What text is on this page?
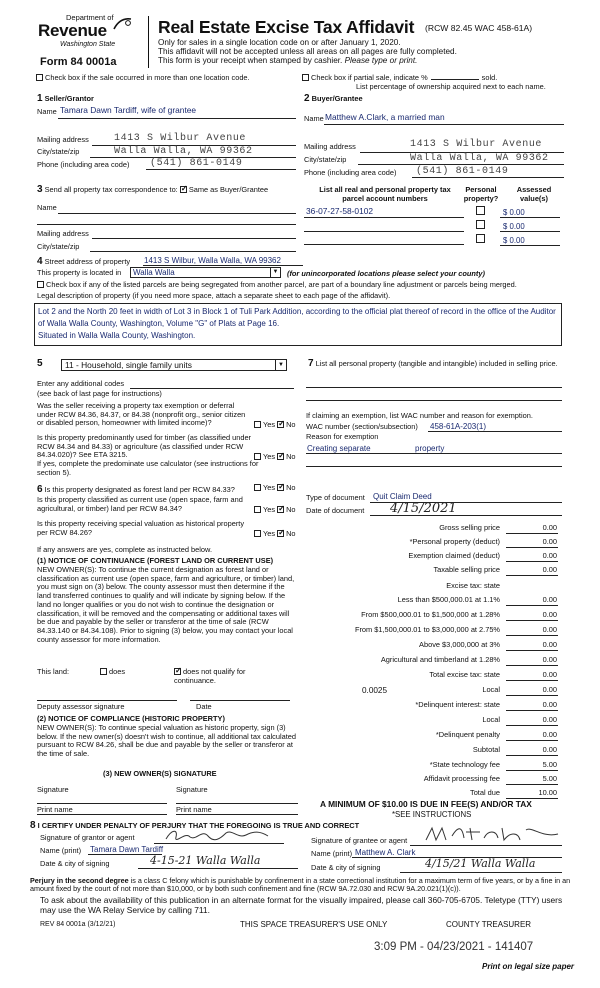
Department of
Revenue
Washington State
Form 84 0001a
Real Estate Excise Tax Affidavit (RCW 82.45 WAC 458-61A)
Only for sales in a single location code on or after January 1, 2020.
This affidavit will not be accepted unless all areas on all pages are fully completed.
This form is your receipt when stamped by cashier. Please type or print.
Check box if the sale occurred in more than one location code.	Check box if partial sale, indicate %	sold.
List percentage of ownership acquired next to each name.
1 Seller/Grantor
Name Tamara Dawn Tardiff, wife of grantee
Mailing address	1413 S Wilbur Avenue
City/state/zip	Walla Walla, WA 99362
Phone (including area code) (541) 861-0149
2 Buyer/Grantee
Name Matthew A.Clark, a married man
Mailing address	1413 S Wilbur Avenue
City/state/zip	Walla Walla, WA 99362
Phone (including area code) (541) 861-0149
3 Send all property tax correspondence to: ✓ Same as Buyer/Grantee
Name
Mailing address
City/state/zip
List all real and personal property tax parcel account numbers
Personal property?
Assessed value(s)
36-07-27-58-0102	$ 0.00
$ 0.00
$ 0.00
4 Street address of property 1413 S Wilbur, Walla Walla, WA 99362
This property is located in Walla Walla	▼ (for unincorporated locations please select your county)
Check box if any of the listed parcels are being segregated from another parcel, are part of a boundary line adjustment or parcels being merged.
Legal description of property (if you need more space, attach a separate sheet to each page of the affidavit).
Lot 2 and the North 20 feet in width of Lot 3 in Block 1 of Tuli Park Addition, according to the official plat thereof of record in the office of the Auditor
of Walla Walla County, Washington, Volume "G" of Plats at Page 16.
Situated in Walla Walla County, Washington.
5	11 - Household, single family units	▼
Enter any additional codes
(see back of last page for instructions)
Was the seller receiving a property tax exemption or deferral under RCW 84.36, 84.37, or 84.38 (nonprofit org., senior citizen or disabled person, homeowner with limited income)?	Yes ✓ No
Is this property predominantly used for timber (as classified under RCW 84.34 and 84.33) or agriculture (as classified under RCW 84.34.020)? See ETA 3215.	Yes ✓ No
If yes, complete the predominate use calculator (see instructions for section 5).
6 Is this property designated as forest land per RCW 84.33?	Yes ✓ No
Is this property classified as current use (open space, farm and agricultural, or timber) land per RCW 84.34?	Yes ✓ No
Is this property receiving special valuation as historical property per RCW 84.26?	Yes ✓ No
If any answers are yes, complete as instructed below.
(1) NOTICE OF CONTINUANCE (FOREST LAND OR CURRENT USE)
NEW OWNER(S): To continue the current designation as forest land or classification as current use (open space, farm and agriculture, or timber) land, you must sign on (3) below. The county assessor must then determine if the land transferred continues to qualify and will indicate by signing below. If the land no longer qualifies or you do not wish to continue the designation or classification, it will be removed and the compensating or additional taxes will be due and payable by the seller or transferor at the time of sale (RCW 84.33.140 or 84.34.108). Prior to signing (3) below, you may contact your local county assessor for more information.
This land:	does ✓	does not qualify for continuance.
Deputy assessor signature	Date
(2) NOTICE OF COMPLIANCE (HISTORIC PROPERTY)
NEW OWNER(S): To continue special valuation as historic property, sign (3) below. If the new owner(s) doesn't wish to continue, all additional tax calculated pursuant to RCW 84.26, shall be due and payable by the seller or transferor at the time of sale.
(3) NEW OWNER(S) SIGNATURE
Signature	Signature
Print name	Print name
7 List all personal property (tangible and intangible) included in selling price.
If claiming an exemption, list WAC number and reason for exemption.
WAC number (section/subsection) 458-61A-203(1)
Reason for exemption
Creating separate	property
Type of document Quit Claim Deed
Date of document 4/15/2021
Gross selling price	0.00
*Personal property (deduct)	0.00
Exemption claimed (deduct)	0.00
Taxable selling price	0.00
Excise tax: state
Less than $500,000.01 at 1.1%	0.00
From $500,000.01 to $1,500,000 at 1.28%	0.00
From $1,500,000.01 to $3,000,000 at 2.75%	0.00
Above $3,000,000 at 3%	0.00
Agricultural and timberland at 1.28%	0.00
Total excise tax: state	0.00
0.0025	Local	0.00
*Delinquent interest: state	0.00
Local	0.00
*Delinquent penalty	0.00
Subtotal	0.00
*State technology fee	5.00
Affidavit processing fee	5.00
Total due	10.00
A MINIMUM OF $10.00 IS DUE IN FEE(S) AND/OR TAX
*SEE INSTRUCTIONS
8 I CERTIFY UNDER PENALTY OF PERJURY THAT THE FOREGOING IS TRUE AND CORRECT
Signature of grantor or agent
Name (print) Tamara Dawn Tardiff
Date & city of signing	4-15-21 Walla Walla
Signature of grantee or agent
Name (print) Matthew A. Clark
Date & city of signing	4/15/21 Walla Walla
Perjury in the second degree is a class C felony which is punishable by confinement in a state correctional institution for a maximum term of five years, or by a fine in an amount fixed by the court of not more than $10,000, or by both such confinement and fine (RCW 9A.72.030 and RCW 9A.20.021(1)(c)).
To ask about the availability of this publication in an alternate format for the visually impaired, please call 360-705-6705. Teletype (TTY) users may use the WA Relay Service by calling 711.
REV 84 0001a (3/12/21)	THIS SPACE TREASURER'S USE ONLY	COUNTY TREASURER
3:09 PM - 04/23/2021 - 141407
Print on legal size paper
